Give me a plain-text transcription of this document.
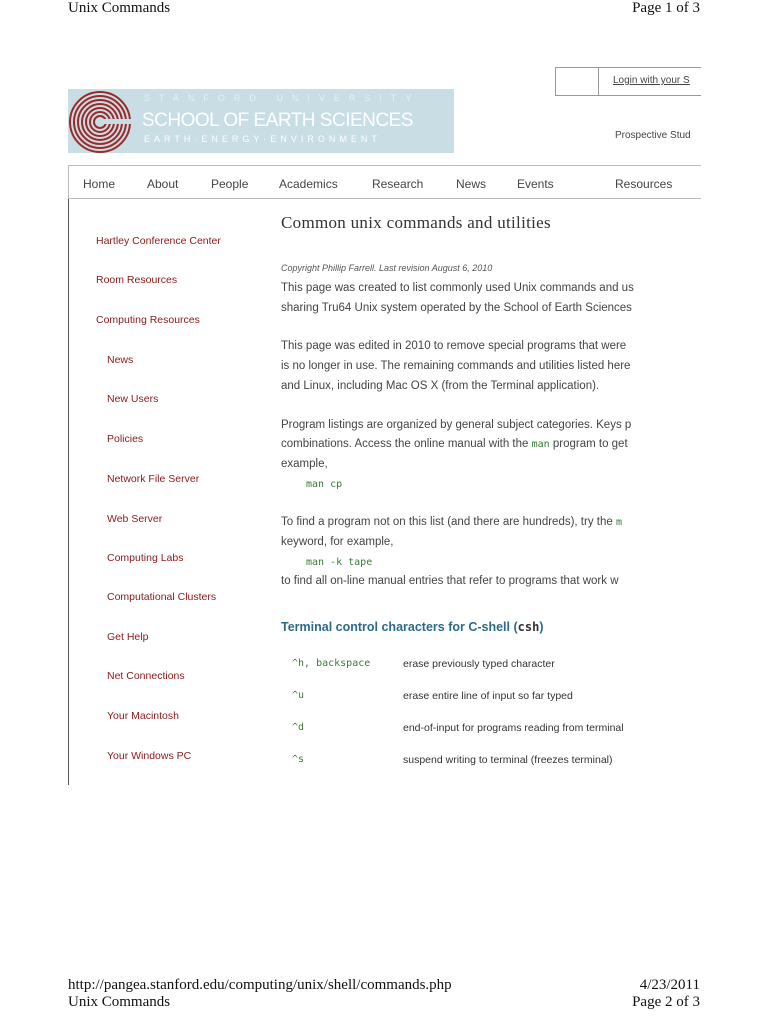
Unix Commands	Page 1 of 3
Login with your S
STANFORD UNIVERSITY
SCHOOL OF EARTH SCIENCES
EARTH·ENERGY·ENVIRONMENT	Prospective Stud
Home	About	People	Academics	Research	News	Events	Resources
Hartley Conference Center
Room Resources
Computing Resources
News
New Users
Policies
Network File Server
Web Server
Computing Labs
Computational Clusters
Get Help
Net Connections
Your Macintosh
Your Windows PC
Common unix commands and utilities
Copyright Phillip Farrell. Last revision August 6, 2010
This page was created to list commonly used Unix commands and us
sharing Tru64 Unix system operated by the School of Earth Sciences
This page was edited in 2010 to remove special programs that were
is no longer in use. The remaining commands and utilities listed here
and Linux, including Mac OS X (from the Terminal application).
Program listings are organized by general subject categories. Keys p
combinations. Access the online manual with the man program to get
example,
man cp
To find a program not on this list (and there are hundreds), try the m
keyword, for example,
man -k tape
to find all on-line manual entries that refer to programs that work w
Terminal control characters for C-shell (csh)
^h, backspace	erase previously typed character
^u	erase entire line of input so far typed
^d	end-of-input for programs reading from terminal
^s	suspend writing to terminal (freezes terminal)
http://pangea.stanford.edu/computing/unix/shell/commands.php	4/23/2011
Unix Commands	Page 2 of 3
